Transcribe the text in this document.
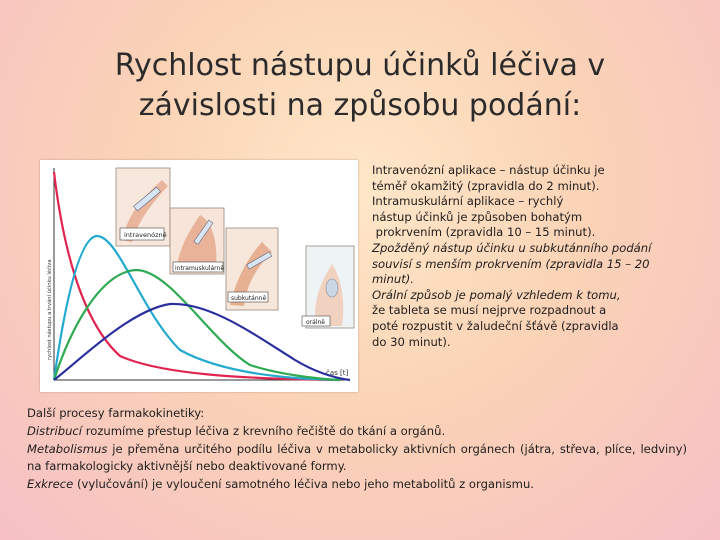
Rychlost nástupu účinků léčiva v
závislosti na způsobu podání:
intravenózně
intramuskulárně
subkutánně
orálně
rychlost nástupu a trvání účinku léčiva
čas [t]
Intravenózní aplikace – nástup účinku je
téměř okamžitý (zpravidla do 2 minut).
Intramuskulární aplikace – rychlý
nástup účinků je způsoben bohatým
prokrvením (zpravidla 10 – 15 minut).
Zpožděný nástup účinku u subkutánního podání
souvisí s menším prokrvením (zpravidla 15 – 20
minut).
Orální způsob je pomalý vzhledem k tomu,
že tableta se musí nejprve rozpadnout a
poté rozpustit v žaludeční šťávě (zpravidla
do 30 minut).
Další procesy farmakokinetiky:
Distribucí rozumíme přestup léčiva z krevního řečiště do tkání a orgánů.
Metabolismus je přeměna určitého podílu léčiva v metabolicky aktivních orgánech (játra, střeva, plíce, ledviny) na farmakologicky aktivnější nebo deaktivované formy.
Exkrece (vylučování) je vyloučení samotného léčiva nebo jeho metabolitů z organismu.
